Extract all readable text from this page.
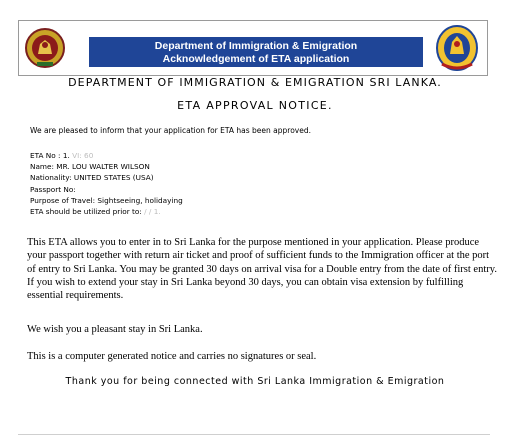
Department of Immigration & Emigration
Acknowledgement of ETA application
DEPARTMENT OF IMMIGRATION & EMIGRATION SRI LANKA.
ETA APPROVAL NOTICE.
We are pleased to inform that your application for ETA has been approved.
ETA No : 1. VI: 60
Name: MR. LOU WALTER WILSON
Nationality: UNITED STATES (USA)
Passport No:
Purpose of Travel: Sightseeing, holidaying
ETA should be utilized prior to: / / 1.
This ETA allows you to enter in to Sri Lanka for the purpose mentioned in your application. Please produce your passport together with return air ticket and proof of sufficient funds to the Immigration officer at the port of entry to Sri Lanka. You may be granted 30 days on arrival visa for a Double entry from the date of first entry. If you wish to extend your stay in Sri Lanka beyond 30 days, you can obtain visa extension by fulfilling essential requirements.
We wish you a pleasant stay in Sri Lanka.
This is a computer generated notice and carries no signatures or seal.
Thank you for being connected with Sri Lanka Immigration & Emigration
